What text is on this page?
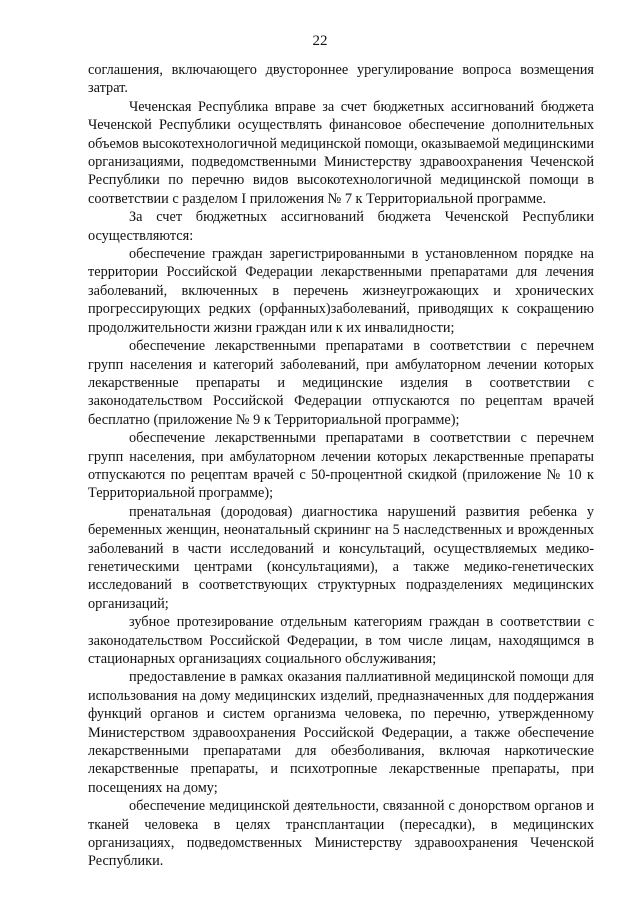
22

соглашения, включающего двустороннее урегулирование вопроса возмещения затрат.

Чеченская Республика вправе за счет бюджетных ассигнований бюджета Чеченской Республики осуществлять финансовое обеспечение дополнительных объемов высокотехнологичной медицинской помощи, оказываемой медицинскими организациями, подведомственными Министерству здравоохранения Чеченской Республики по перечню видов высокотехнологичной медицинской помощи в соответствии с разделом I приложения № 7 к Территориальной программе.

За счет бюджетных ассигнований бюджета Чеченской Республики осуществляются:

обеспечение граждан зарегистрированными в установленном порядке на территории Российской Федерации лекарственными препаратами для лечения заболеваний, включенных в перечень жизнеугрожающих и хронических прогрессирующих редких (орфанных)заболеваний, приводящих к сокращению продолжительности жизни граждан или к их инвалидности;

обеспечение лекарственными препаратами в соответствии с перечнем групп населения и категорий заболеваний, при амбулаторном лечении которых лекарственные препараты и медицинские изделия в соответствии с законодательством Российской Федерации отпускаются по рецептам врачей бесплатно (приложение № 9 к Территориальной программе);

обеспечение лекарственными препаратами в соответствии с перечнем групп населения, при амбулаторном лечении которых лекарственные препараты отпускаются по рецептам врачей с 50-процентной скидкой (приложение № 10 к Территориальной программе);

пренатальная (дородовая) диагностика нарушений развития ребенка у беременных женщин, неонатальный скрининг на 5 наследственных и врожденных заболеваний в части исследований и консультаций, осуществляемых медико-генетическими центрами (консультациями), а также медико-генетических исследований в соответствующих структурных подразделениях медицинских организаций;

зубное протезирование отдельным категориям граждан в соответствии с законодательством Российской Федерации, в том числе лицам, находящимся в стационарных организациях социального обслуживания;

предоставление в рамках оказания паллиативной медицинской помощи для использования на дому медицинских изделий, предназначенных для поддержания функций органов и систем организма человека, по перечню, утвержденному Министерством здравоохранения Российской Федерации, а также обеспечение лекарственными препаратами для обезболивания, включая наркотические лекарственные препараты, и психотропные лекарственные препараты, при посещениях на дому;

обеспечение медицинской деятельности, связанной с донорством органов и тканей человека в целях трансплантации (пересадки), в медицинских организациях, подведомственных Министерству здравоохранения Чеченской Республики.
